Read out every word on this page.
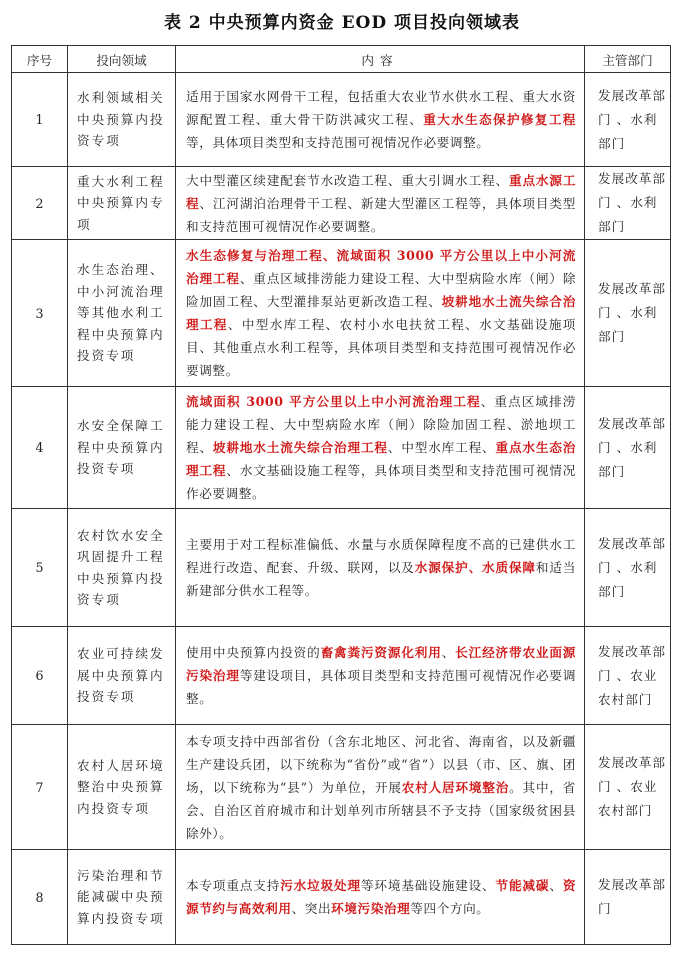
表 2 中央预算内资金 EOD 项目投向领域表
序号	投向领域	内容	主管部门
1	水利领域相关中央预算内投资专项	适用于国家水网骨干工程，包括重大农业节水供水工程、重大水资源配置工程、重大骨干防洪减灾工程、重大水生态保护修复工程等，具体项目类型和支持范围可视情况作必要调整。	发展改革部门 、水利部门
2	重大水利工程中央预算内专项	大中型灌区续建配套节水改造工程、重大引调水工程、重点水源工程、江河湖泊治理骨干工程、新建大型灌区工程等，具体项目类型和支持范围可视情况作必要调整。	发展改革部门 、水利部门
3	水生态治理、中小河流治理等其他水利工程中央预算内投资专项	水生态修复与治理工程、流域面积 3000 平方公里以上中小河流治理工程、重点区域排涝能力建设工程、大中型病险水库（闸）除险加固工程、大型灌排泵站更新改造工程、坡耕地水土流失综合治理工程、中型水库工程、农村小水电扶贫工程、水文基础设施项目、其他重点水利工程等，具体项目类型和支持范围可视情况作必要调整。	发展改革部门 、水利部门
4	水安全保障工程中央预算内投资专项	流域面积 3000 平方公里以上中小河流治理工程、重点区域排涝能力建设工程、大中型病险水库（闸）除险加固工程、淤地坝工程、坡耕地水土流失综合治理工程、中型水库工程、重点水生态治理工程、水文基础设施工程等，具体项目类型和支持范围可视情况作必要调整。	发展改革部门 、水利部门
5	农村饮水安全巩固提升工程中央预算内投资专项	主要用于对工程标准偏低、水量与水质保障程度不高的已建供水工程进行改造、配套、升级、联网，以及水源保护、水质保障和适当新建部分供水工程等。	发展改革部门 、水利部门
6	农业可持续发展中央预算内投资专项	使用中央预算内投资的畜禽粪污资源化利用、长江经济带农业面源污染治理等建设项目，具体项目类型和支持范围可视情况作必要调整。	发展改革部门 、农业农村部门
7	农村人居环境整治中央预算内投资专项	本专项支持中西部省份（含东北地区、河北省、海南省，以及新疆生产建设兵团，以下统称为“省份”或“省”）以县（市、区、旗、团场，以下统称为“县”）为单位，开展农村人居环境整治。其中，省会、自治区首府城市和计划单列市所辖县不予支持（国家级贫困县除外）。	发展改革部门 、农业农村部门
8	污染治理和节能减碳中央预算内投资专项	本专项重点支持污水垃圾处理等环境基础设施建设、节能减碳、资源节约与高效利用、突出环境污染治理等四个方向。	发展改革部门
